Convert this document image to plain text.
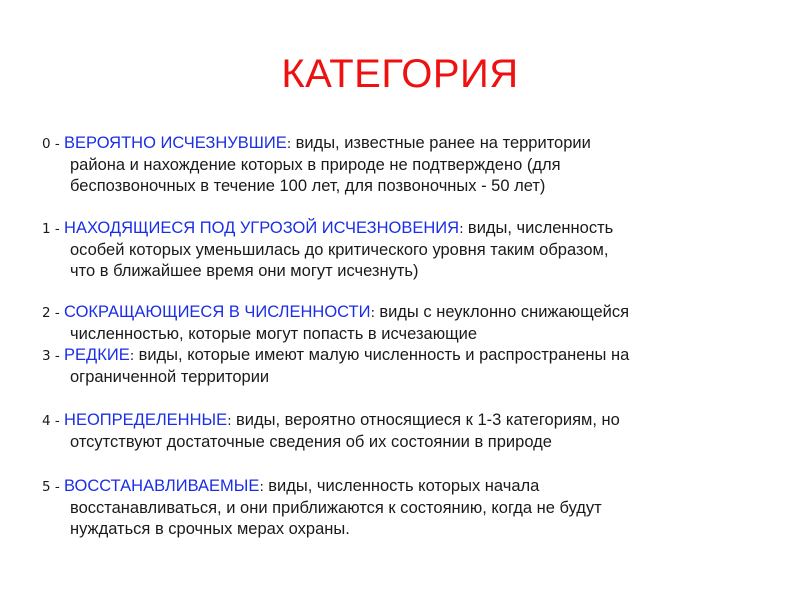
КАТЕГОРИЯ
0 - ВЕРОЯТНО ИСЧЕЗНУВШИЕ: виды, известные ранее на территории
района и нахождение которых в природе не подтверждено (для
беспозвоночных в течение 100 лет, для позвоночных - 50 лет)
1 - НАХОДЯЩИЕСЯ ПОД УГРОЗОЙ ИСЧЕЗНОВЕНИЯ: виды, численность
особей которых уменьшилась до критического уровня таким образом,
что в ближайшее время они могут исчезнуть)
2 - СОКРАЩАЮЩИЕСЯ В ЧИСЛЕННОСТИ: виды с неуклонно снижающейся
численностью, которые могут попасть в исчезающие
3 - РЕДКИЕ: виды, которые имеют малую численность и распространены на
ограниченной территории
4 - НЕОПРЕДЕЛЕННЫЕ: виды, вероятно относящиеся к 1-3 категориям, но
отсутствуют достаточные сведения об их состоянии в природе
5 - ВОССТАНАВЛИВАЕМЫЕ: виды, численность которых начала
восстанавливаться, и они приближаются к состоянию, когда не будут
нуждаться в срочных мерах охраны.
